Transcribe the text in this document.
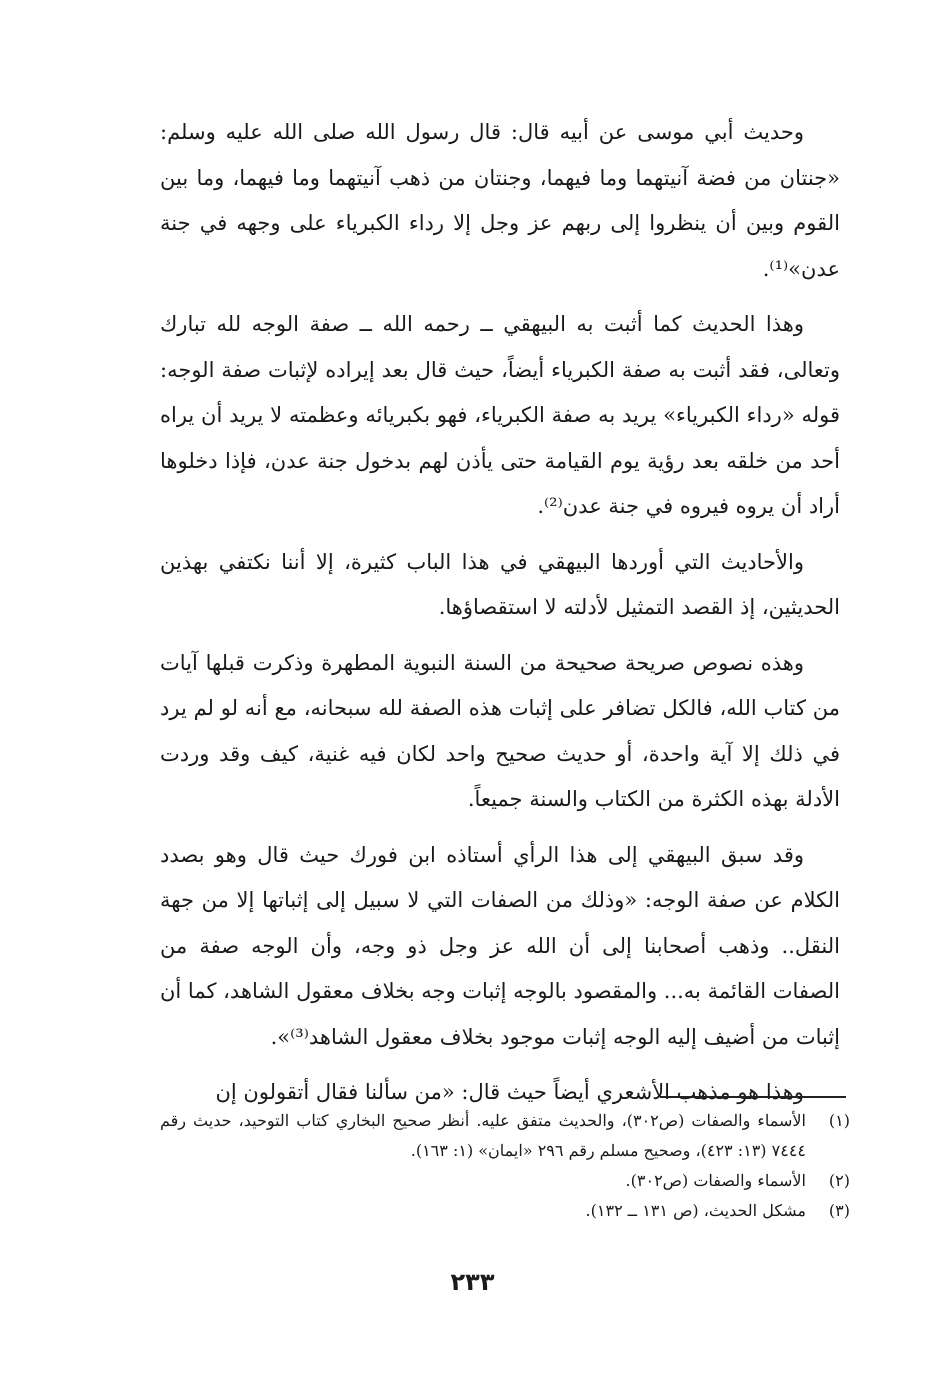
وحديث أبي موسى عن أبيه قال: قال رسول الله صلى الله عليه وسلم: «جنتان من فضة آنيتهما وما فيهما، وجنتان من ذهب آنيتهما وما فيهما، وما بين القوم وبين أن ينظروا إلى ربهم عز وجل إلا رداء الكبرياء على وجهه في جنة عدن»⁽¹⁾.

وهذا الحديث كما أثبت به البيهقي ــ رحمه الله ــ صفة الوجه لله تبارك وتعالى، فقد أثبت به صفة الكبرياء أيضاً، حيث قال بعد إيراده لإثبات صفة الوجه: قوله «رداء الكبرياء» يريد به صفة الكبرياء، فهو بكبريائه وعظمته لا يريد أن يراه أحد من خلقه بعد رؤية يوم القيامة حتى يأذن لهم بدخول جنة عدن، فإذا دخلوها أراد أن يروه فيروه في جنة عدن⁽²⁾.

والأحاديث التي أوردها البيهقي في هذا الباب كثيرة، إلا أننا نكتفي بهذين الحديثين، إذ القصد التمثيل لأدلته لا استقصاؤها.

وهذه نصوص صريحة صحيحة من السنة النبوية المطهرة وذكرت قبلها آيات من كتاب الله، فالكل تضافر على إثبات هذه الصفة لله سبحانه، مع أنه لو لم يرد في ذلك إلا آية واحدة، أو حديث صحيح واحد لكان فيه غنية، كيف وقد وردت الأدلة بهذه الكثرة من الكتاب والسنة جميعاً.

وقد سبق البيهقي إلى هذا الرأي أستاذه ابن فورك حيث قال وهو بصدد الكلام عن صفة الوجه: «وذلك من الصفات التي لا سبيل إلى إثباتها إلا من جهة النقل.. وذهب أصحابنا إلى أن الله عز وجل ذو وجه، وأن الوجه صفة من الصفات القائمة به... والمقصود بالوجه إثبات وجه بخلاف معقول الشاهد، كما أن إثبات من أضيف إليه الوجه إثبات موجود بخلاف معقول الشاهد⁽³⁾».

وهذا هو مذهب الأشعري أيضاً حيث قال: «من سألنا فقال أتقولون إن

(١)
الأسماء والصفات (ص٣٠٢)، والحديث متفق عليه. أنظر صحيح البخاري كتاب التوحيد، حديث رقم ٧٤٤٤ (١٣: ٤٢٣)، وصحيح مسلم رقم ٢٩٦ «ايمان» (١: ١٦٣).
(٢)
الأسماء والصفات (ص٣٠٢).
(٣)
مشكل الحديث، (ص ١٣١ ــ ١٣٢).
٢٣٣
